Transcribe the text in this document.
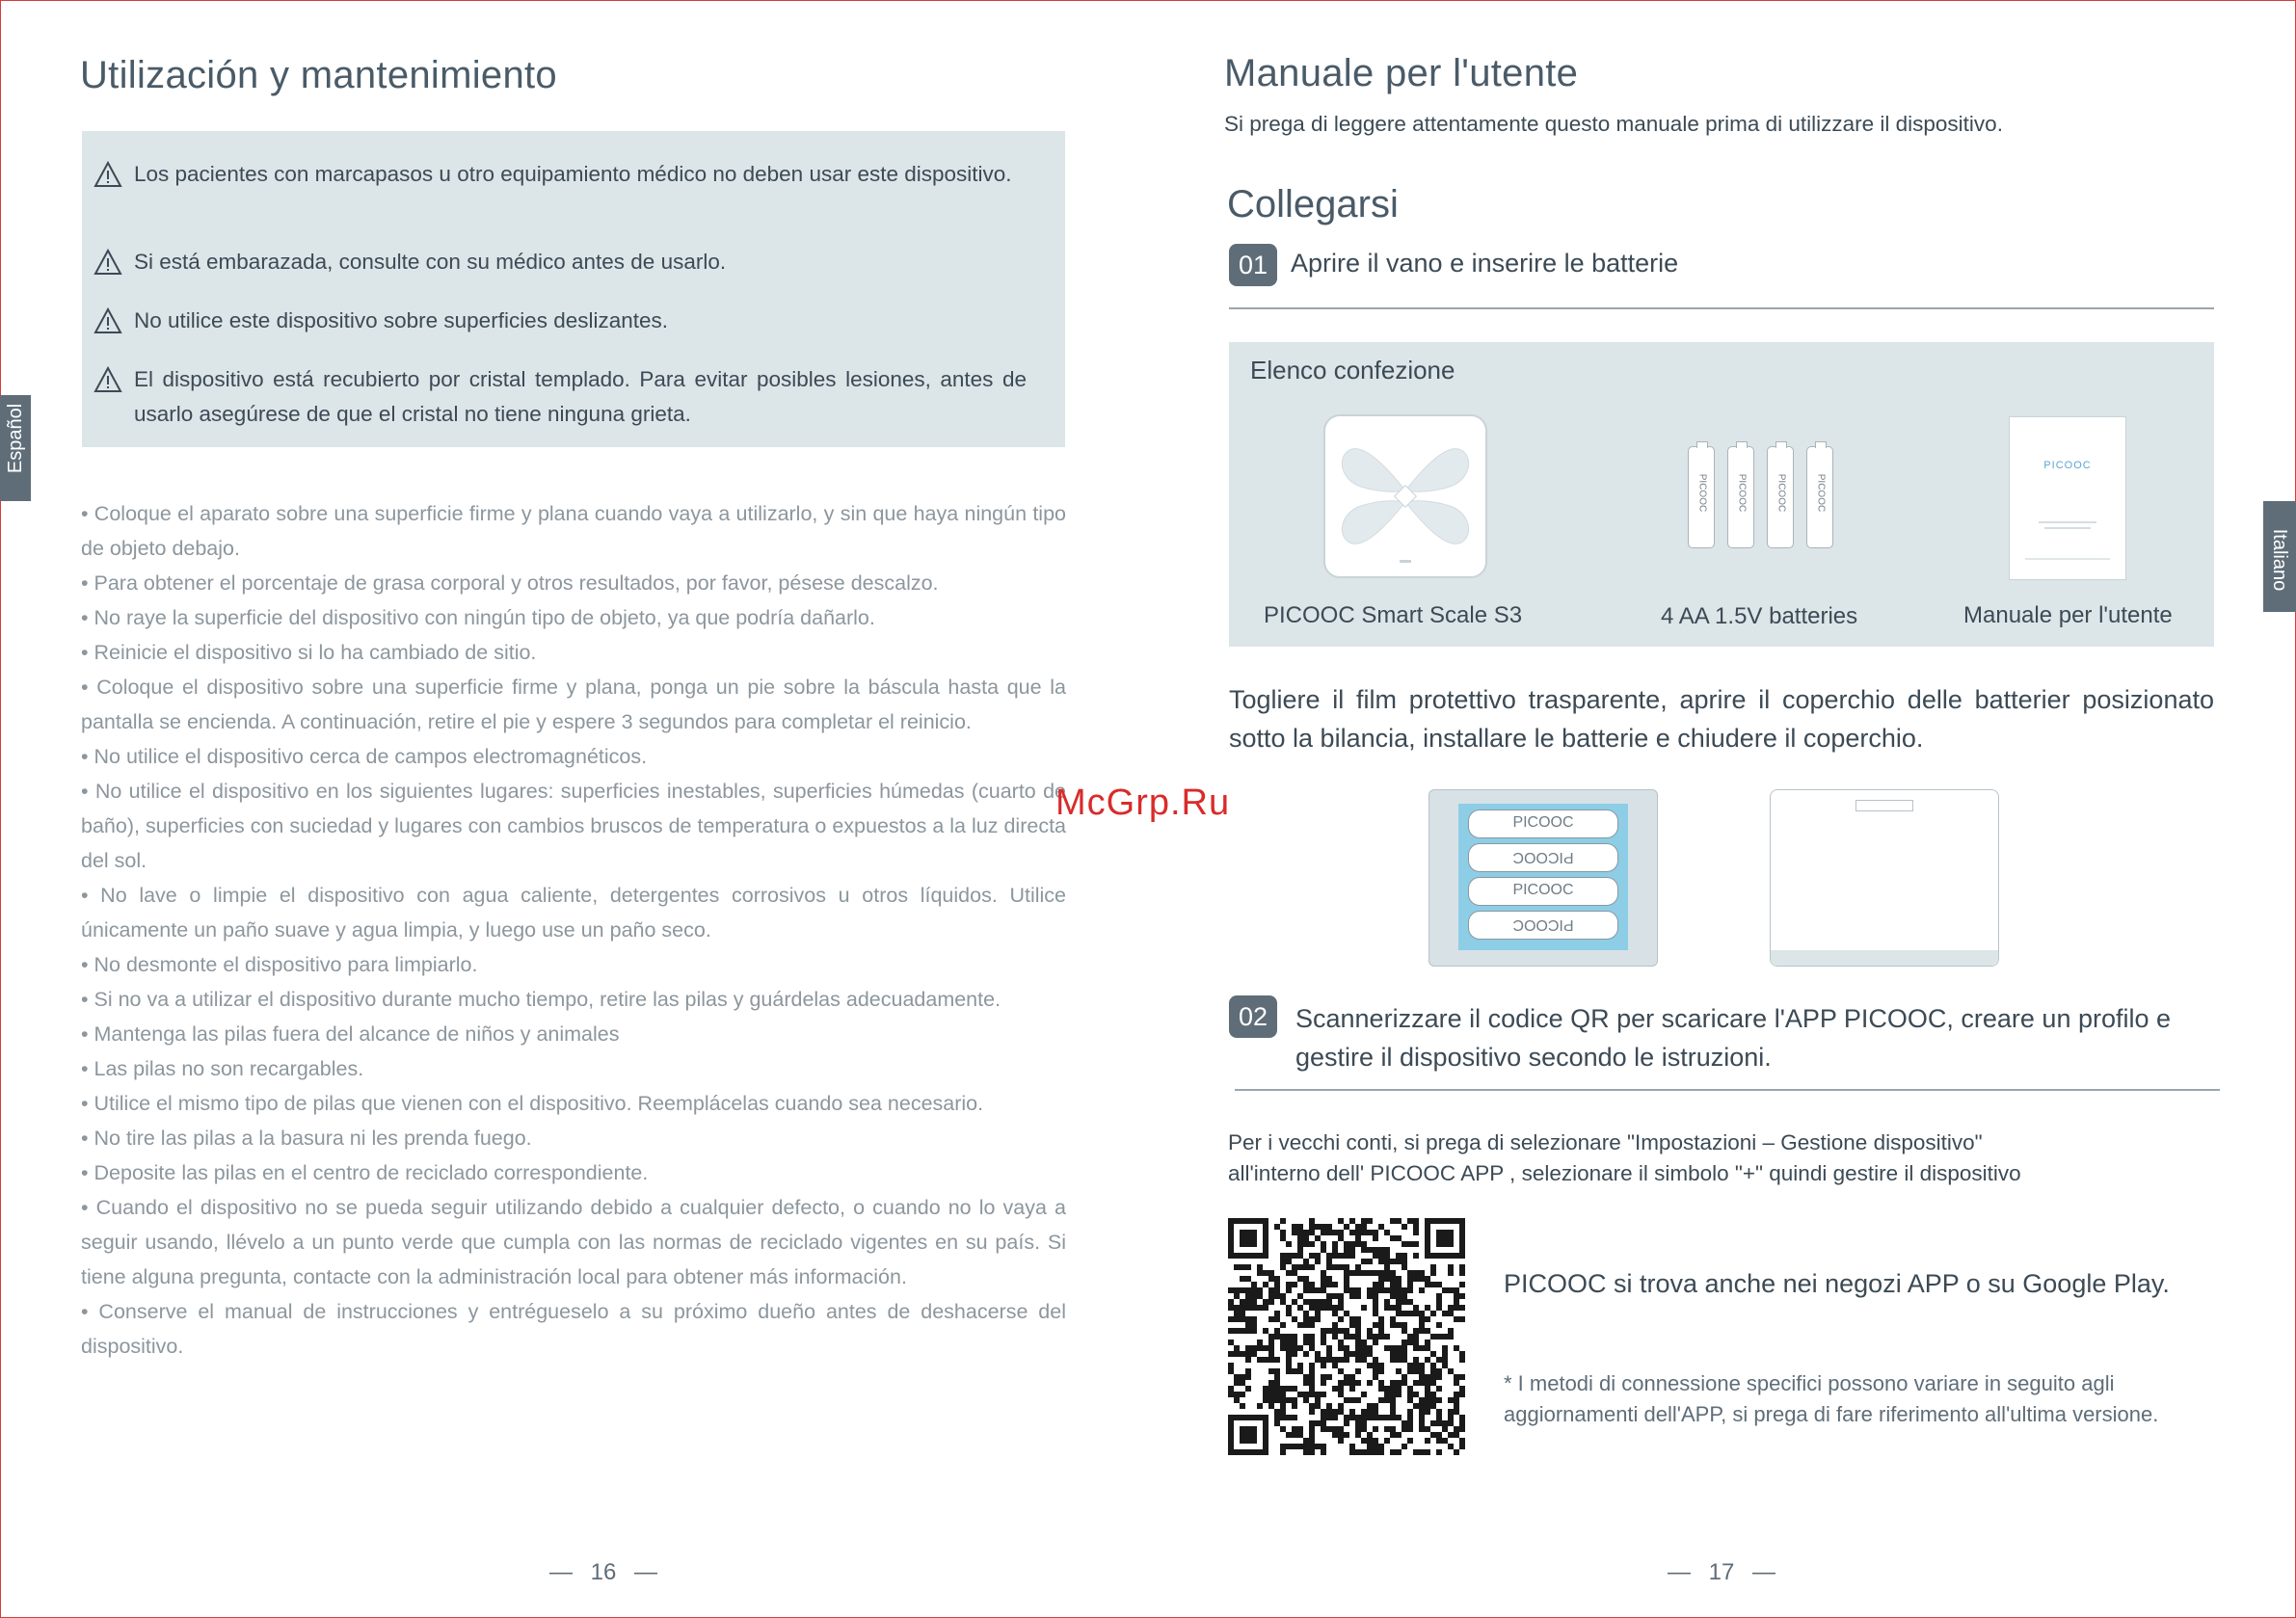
Español
Utilización y mantenimiento
Los pacientes con marcapasos u otro equipamiento médico no deben usar este dispositivo.
Si está embarazada, consulte con su médico antes de usarlo.
No utilice este dispositivo sobre superficies deslizantes.
El dispositivo está recubierto por cristal templado. Para evitar posibles lesiones, antes de usarlo asegúrese de que el cristal no tiene ninguna grieta.

• Coloque el aparato sobre una superficie firme y plana cuando vaya a utilizarlo, y sin que haya ningún tipo de objeto debajo.

• Para obtener el porcentaje de grasa corporal y otros resultados, por favor, pésese descalzo.

• No raye la superficie del dispositivo con ningún tipo de objeto, ya que podría dañarlo.

• Reinicie el dispositivo si lo ha cambiado de sitio.

• Coloque el dispositivo sobre una superficie firme y plana, ponga un pie sobre la báscula hasta que la pantalla se encienda. A continuación, retire el pie y espere 3 segundos para completar el reinicio.

• No utilice el dispositivo cerca de campos electromagnéticos.

• No utilice el dispositivo en los siguientes lugares: superficies inestables, superficies húmedas (cuarto de baño), superficies con suciedad y lugares con cambios bruscos de temperatura o expuestos a la luz directa del sol.

• No lave o limpie el dispositivo con agua caliente, detergentes corrosivos u otros líquidos. Utilice únicamente un paño suave y agua limpia, y luego use un paño seco.

• No desmonte el dispositivo para limpiarlo.

• Si no va a utilizar el dispositivo durante mucho tiempo, retire las pilas y guárdelas adecuadamente.

• Mantenga las pilas fuera del alcance de niños y animales

• Las pilas no son recargables.

• Utilice el mismo tipo de pilas que vienen con el dispositivo. Reemplácelas cuando sea necesario.

• No tire las pilas a la basura ni les prenda fuego.

• Deposite las pilas en el centro de reciclado correspondiente.

• Cuando el dispositivo no se pueda seguir utilizando debido a cualquier defecto, o cuando no lo vaya a seguir usando, llévelo a un punto verde que cumpla con las normas de reciclado vigentes en su país. Si tiene alguna pregunta, contacte con la administración local para obtener más información.

• Conserve el manual de instrucciones y entrégueselo a su próximo dueño antes de deshacerse del dispositivo.

— 16 —
McGrp.Ru
Manuale per l'utente
Si prega di leggere attentamente questo manuale prima di utilizzare il dispositivo.
Collegarsi
01 Aprire il vano e inserire le batterie
Elenco confezione
PICOOC Smart Scale S3
PICOOC	PICOOC	PICOOC	PICOOC
4 AA 1.5V batteries
PICOOC
Manuale per l'utente
Togliere il film protettivo trasparente, aprire il coperchio delle batterier posizionato sotto la bilancia, installare le batterie e chiudere il coperchio.
PICOOC
PICOOC
PICOOC
PICOOC
02	Scannerizzare il codice QR per scaricare l'APP PICOOC, creare un profilo e gestire il dispositivo secondo le istruzioni.
Per i vecchi conti, si prega di selezionare "Impostazioni – Gestione dispositivo"
all'interno dell' PICOOC APP , selezionare il simbolo "+" quindi gestire il dispositivo
PICOOC si trova anche nei negozi APP o su Google Play.
* I metodi di connessione specifici possono variare in seguito agli aggiornamenti dell'APP, si prega di fare riferimento all'ultima versione.
Italiano
— 17 —
